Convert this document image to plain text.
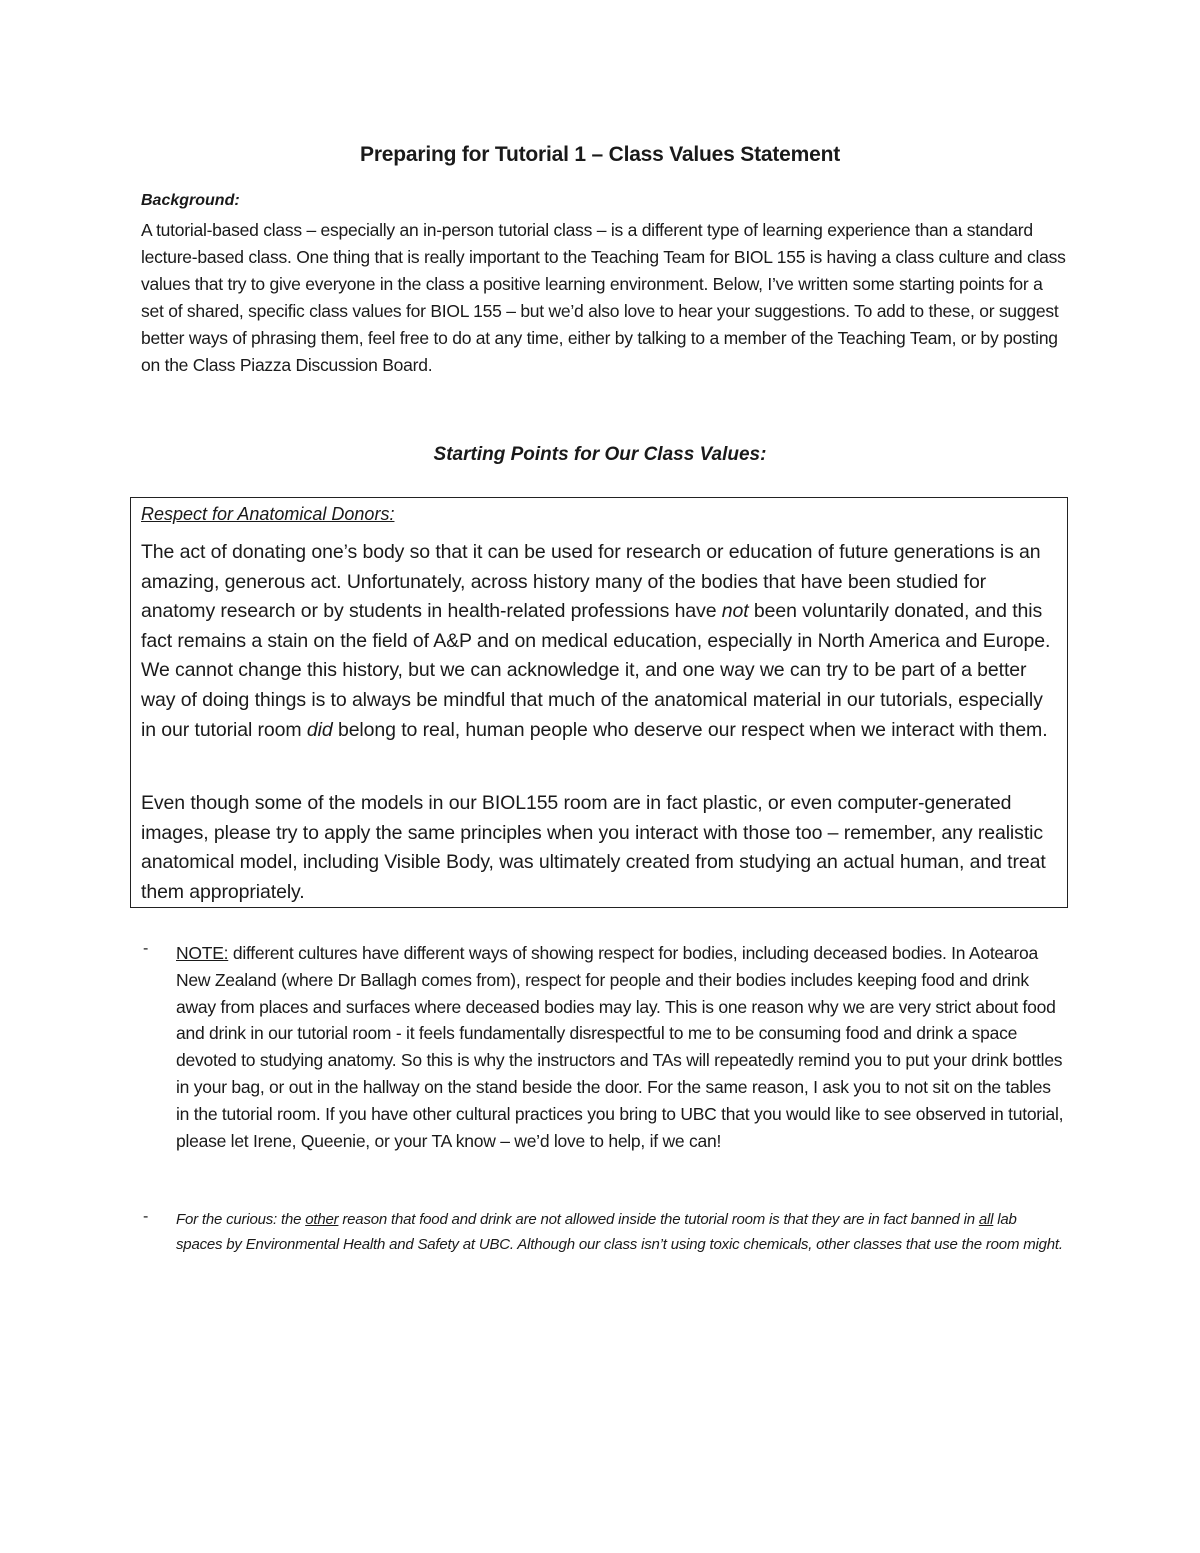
Preparing for Tutorial 1 – Class Values Statement
Background:
A tutorial-based class – especially an in-person tutorial class – is a different type of learning experience than a standard lecture-based class. One thing that is really important to the Teaching Team for BIOL 155 is having a class culture and class values that try to give everyone in the class a positive learning environment. Below, I’ve written some starting points for a set of shared, specific class values for BIOL 155 – but we’d also love to hear your suggestions. To add to these, or suggest better ways of phrasing them, feel free to do at any time, either by talking to a member of the Teaching Team, or by posting on the Class Piazza Discussion Board.
Starting Points for Our Class Values:
Respect for Anatomical Donors:
The act of donating one’s body so that it can be used for research or education of future generations is an amazing, generous act. Unfortunately, across history many of the bodies that have been studied for anatomy research or by students in health-related professions have not been voluntarily donated, and this fact remains a stain on the field of A&P and on medical education, especially in North America and Europe. We cannot change this history, but we can acknowledge it, and one way we can try to be part of a better way of doing things is to always be mindful that much of the anatomical material in our tutorials, especially in our tutorial room did belong to real, human people who deserve our respect when we interact with them.
Even though some of the models in our BIOL155 room are in fact plastic, or even computer-generated images, please try to apply the same principles when you interact with those too – remember, any realistic anatomical model, including Visible Body, was ultimately created from studying an actual human, and treat them appropriately.
- NOTE: different cultures have different ways of showing respect for bodies, including deceased bodies. In Aotearoa New Zealand (where Dr Ballagh comes from), respect for people and their bodies includes keeping food and drink away from places and surfaces where deceased bodies may lay. This is one reason why we are very strict about food and drink in our tutorial room - it feels fundamentally disrespectful to me to be consuming food and drink a space devoted to studying anatomy. So this is why the instructors and TAs will repeatedly remind you to put your drink bottles in your bag, or out in the hallway on the stand beside the door. For the same reason, I ask you to not sit on the tables in the tutorial room. If you have other cultural practices you bring to UBC that you would like to see observed in tutorial, please let Irene, Queenie, or your TA know – we’d love to help, if we can!
- For the curious: the other reason that food and drink are not allowed inside the tutorial room is that they are in fact banned in all lab spaces by Environmental Health and Safety at UBC. Although our class isn’t using toxic chemicals, other classes that use the room might.
